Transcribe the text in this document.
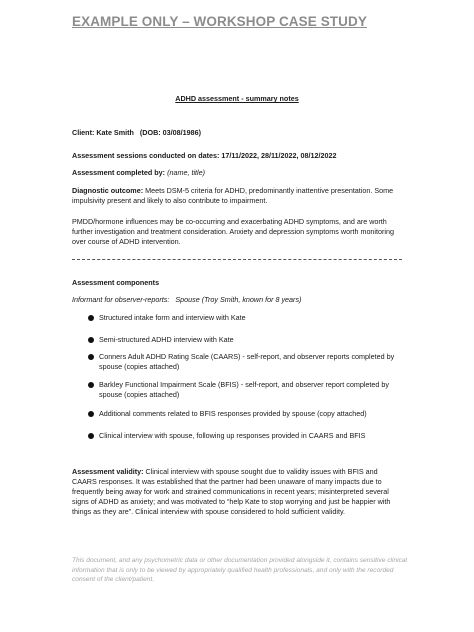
EXAMPLE ONLY – WORKSHOP CASE STUDY
ADHD assessment - summary notes
Client: Kate Smith (DOB: 03/08/1986)
Assessment sessions conducted on dates: 17/11/2022, 28/11/2022, 08/12/2022
Assessment completed by: (name, title)
Diagnostic outcome: Meets DSM-5 criteria for ADHD, predominantly inattentive presentation. Some impulsivity present and likely to also contribute to impairment.
PMDD/hormone influences may be co-occurring and exacerbating ADHD symptoms, and are worth further investigation and treatment consideration. Anxiety and depression symptoms worth monitoring over course of ADHD intervention.
Assessment components
Informant for observer-reports: Spouse (Troy Smith, known for 8 years)
Structured intake form and interview with Kate
Semi-structured ADHD interview with Kate
Conners Adult ADHD Rating Scale (CAARS) - self-report, and observer reports completed by spouse (copies attached)
Barkley Functional Impairment Scale (BFIS) - self-report, and observer report completed by spouse (copies attached)
Additional comments related to BFIS responses provided by spouse (copy attached)
Clinical interview with spouse, following up responses provided in CAARS and BFIS
Assessment validity: Clinical interview with spouse sought due to validity issues with BFIS and CAARS responses. It was established that the partner had been unaware of many impacts due to frequently being away for work and strained communications in recent years; misinterpreted several signs of ADHD as anxiety; and was motivated to “help Kate to stop worrying and just be happier with things as they are”. Clinical interview with spouse considered to hold sufficient validity.
This document, and any psychometric data or other documentation provided alongside it, contains sensitive clinical information that is only to be viewed by appropriately qualified health professionals, and only with the recorded consent of the client/patient.
